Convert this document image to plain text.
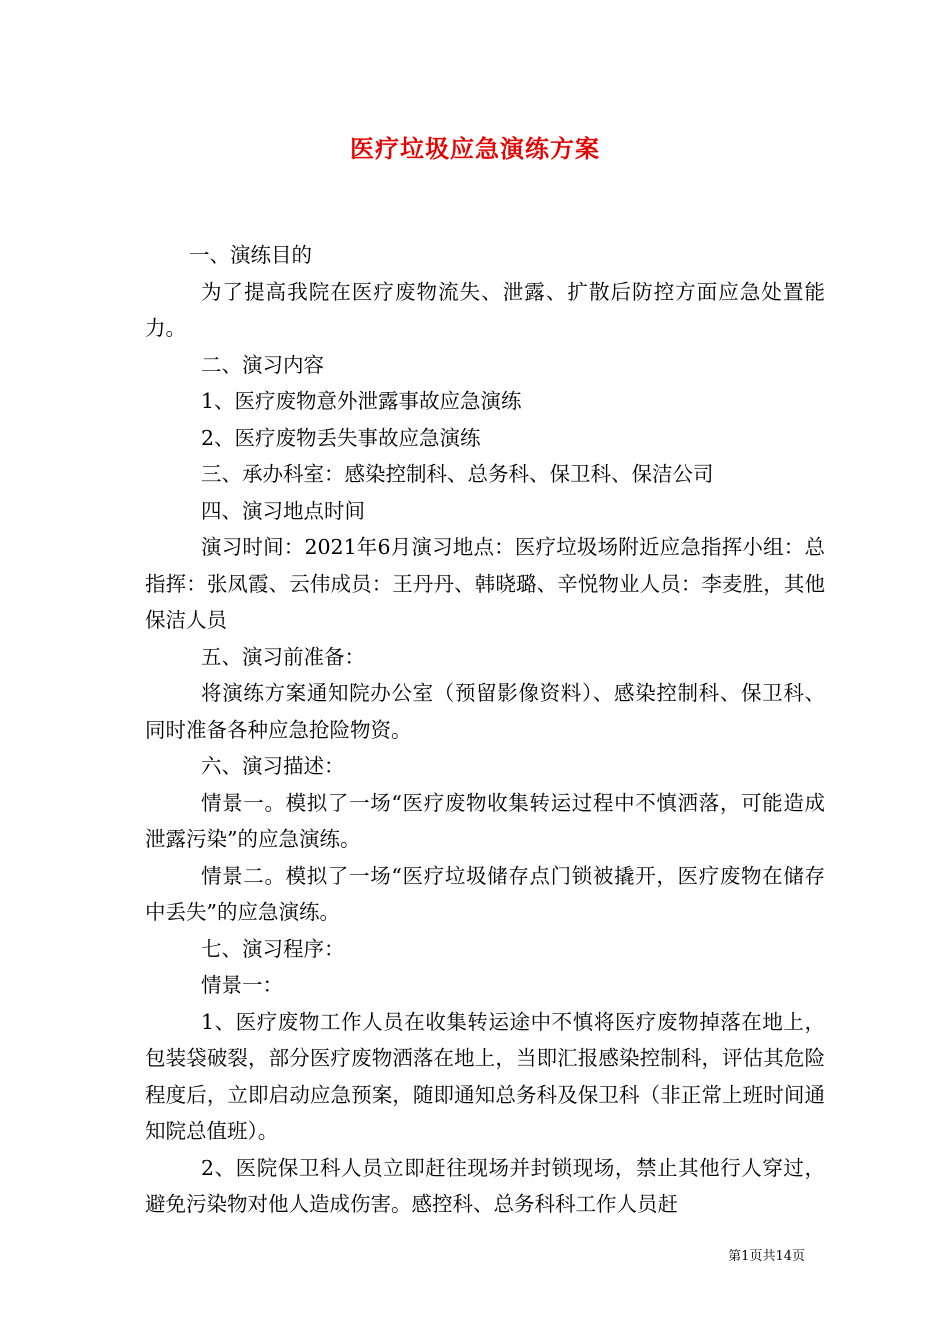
医疗垃圾应急演练方案

一、演练目的

为了提高我院在医疗废物流失、泄露、扩散后防控方面应急处置能力。

二、演习内容

1、医疗废物意外泄露事故应急演练

2、医疗废物丢失事故应急演练

三、承办科室：感染控制科、总务科、保卫科、保洁公司

四、演习地点时间

演习时间：2021年6月演习地点：医疗垃圾场附近应急指挥小组：总指挥：张凤霞、云伟成员：王丹丹、韩晓璐、辛悦物业人员：李麦胜，其他保洁人员

五、演习前准备：

将演练方案通知院办公室（预留影像资料）、感染控制科、保卫科、同时准备各种应急抢险物资。

六、演习描述：

情景一。模拟了一场“医疗废物收集转运过程中不慎洒落，可能造成泄露污染”的应急演练。

情景二。模拟了一场“医疗垃圾储存点门锁被撬开，医疗废物在储存中丢失”的应急演练。

七、演习程序：

情景一：

1、医疗废物工作人员在收集转运途中不慎将医疗废物掉落在地上，包装袋破裂，部分医疗废物洒落在地上，当即汇报感染控制科，评估其危险程度后，立即启动应急预案，随即通知总务科及保卫科（非正常上班时间通知院总值班）。

2、医院保卫科人员立即赶往现场并封锁现场，禁止其他行人穿过，避免污染物对他人造成伤害。感控科、总务科科工作人员赶

第1页共14页
